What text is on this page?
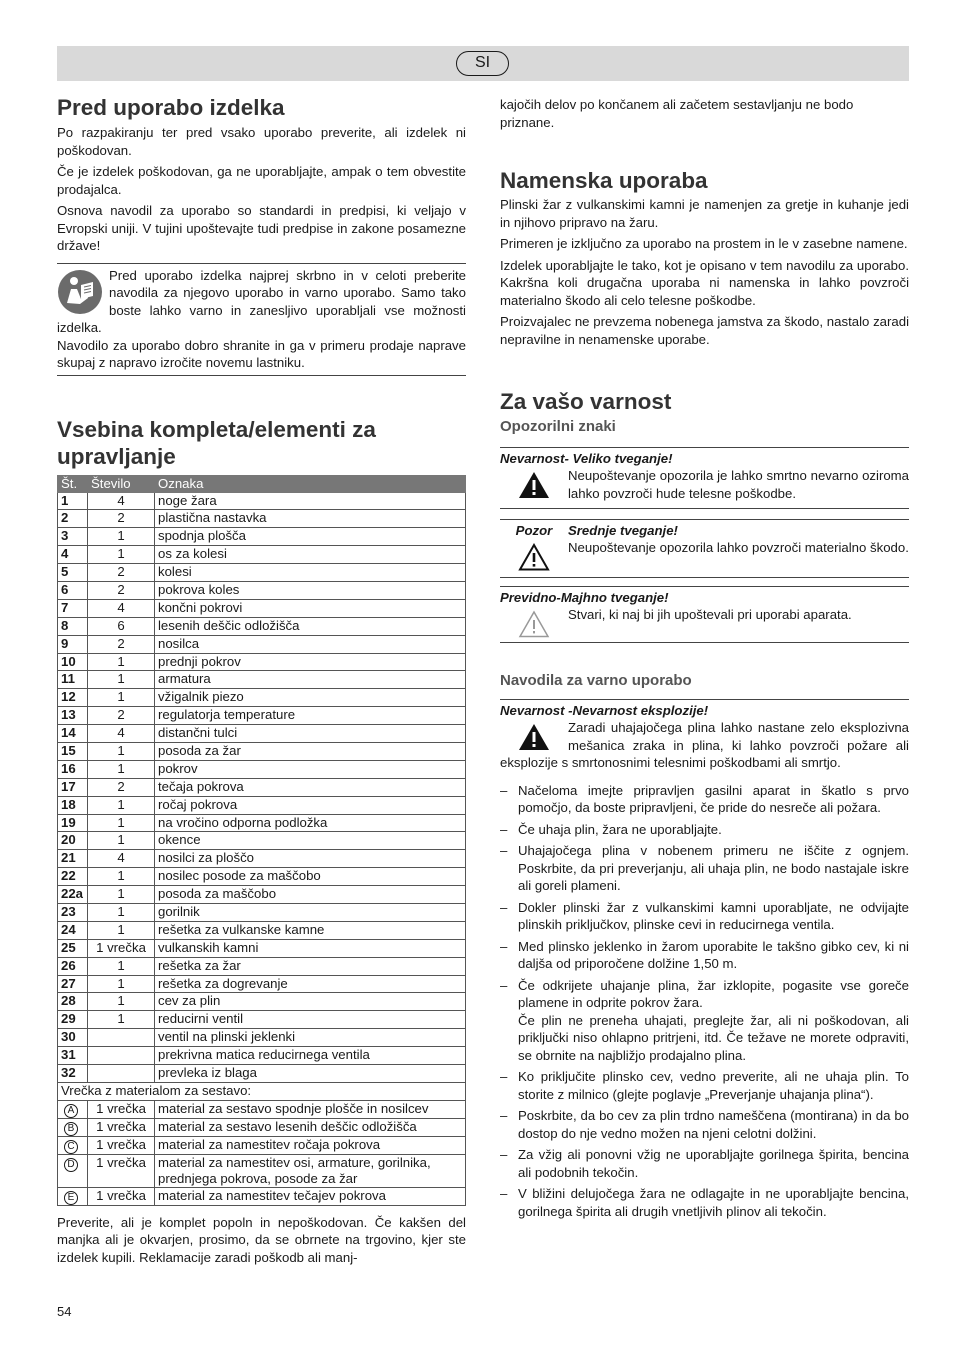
SI
Pred uporabo izdelka

Po razpakiranju ter pred vsako uporabo preverite, ali izdelek ni poškodovan.

Če je izdelek poškodovan, ga ne uporabljajte, ampak o tem obvestite prodajalca.

Osnova navodil za uporabo so standardi in predpisi, ki veljajo v Evropski uniji. V tujini upoštevajte tudi predpise in zakone posamezne države!

Pred uporabo izdelka najprej skrbno in v celoti preberite navodila za njegovo uporabo in varno uporabo. Samo tako boste lahko varno in zanesljivo uporabljali vse možnosti izdelka.

Navodilo za uporabo dobro shranite in ga v primeru prodaje naprave skupaj z napravo izročite novemu lastniku.

Vsebina kompleta/elementi za upravljanje
Št.	Število	Oznaka
1	4	noge žara
2	2	plastična nastavka
3	1	spodnja plošča
4	1	os za kolesi
5	2	kolesi
6	2	pokrova koles
7	4	končni pokrovi
8	6	lesenih deščic odložišča
9	2	nosilca
10	1	prednji pokrov
11	1	armatura
12	1	vžigalnik piezo
13	2	regulatorja temperature
14	4	distančni tulci
15	1	posoda za žar
16	1	pokrov
17	2	tečaja pokrova
18	1	ročaj pokrova
19	1	na vročino odporna podložka
20	1	okence
21	4	nosilci za ploščo
22	1	nosilec posode za maščobo
22a	1	posoda za maščobo
23	1	gorilnik
24	1	rešetka za vulkanske kamne
25	1 vrečka	vulkanskih kamni
26	1	rešetka za žar
27	1	rešetka za dogrevanje
28	1	cev za plin
29	1	reducirni ventil
30		ventil na plinski jeklenki
31		prekrivna matica reducirnega ventila
32		prevleka iz blaga
Vrečka z materialom za sestavo:		
A	1 vrečka	material za sestavo spodnje plošče in nosilcev
B	1 vrečka	material za sestavo lesenih deščic odložišča
C	1 vrečka	material za namestitev ročaja pokrova
D	1 vrečka	material za namestitev osi, armature, gorilnika, prednjega pokrova, posode za žar
E	1 vrečka	material za namestitev tečajev pokrova

Preverite, ali je komplet popoln in nepoškodovan. Če kakšen del manjka ali je okvarjen, prosimo, da se obrnete na trgovino, kjer ste izdelek kupili. Reklamacije zaradi poškodb ali manj-

kajočih delov po končanem ali začetem sestavljanju ne bodo priznane.

Namenska uporaba

Plinski žar z vulkanskimi kamni je namenjen za gretje in kuhanje jedi in njihovo pripravo na žaru.

Primeren je izključno za uporabo na prostem in le v zasebne namene.

Izdelek uporabljajte le tako, kot je opisano v tem navodilu za uporabo. Kakršna koli drugačna uporaba ni namenska in lahko povzroči materialno škodo ali celo telesne poškodbe.

Proizvajalec ne prevzema nobenega jamstva za škodo, nastalo zaradi nepravilne in nenamenske uporabe.

Za vašo varnost
Opozorilni znaki
Nevarnost- Veliko tveganje!
Neupoštevanje opozorila je lahko smrtno nevarno oziroma lahko povzroči hude telesne poškodbe.
Pozor	Srednje tveganje!
Neupoštevanje opozorila lahko povzroči materialno škodo.
Previdno-Majhno tveganje!
Stvari, ki naj bi jih upoštevali pri uporabi aparata.
Navodila za varno uporabo
Nevarnost -Nevarnost eksplozije!

Zaradi uhajajočega plina lahko nastane zelo eksplozivna mešanica zraka in plina, ki lahko povzroči požare ali eksplozije s smrtonosnimi telesnimi poškodbami ali smrtjo.

– Načeloma imejte pripravljen gasilni aparat in škatlo s prvo pomočjo, da boste pripravljeni, če pride do nesreče ali požara.
– Če uhaja plin, žara ne uporabljajte.
– Uhajajočega plina v nobenem primeru ne iščite z ognjem. Poskrbite, da pri preverjanju, ali uhaja plin, ne bodo nastajale iskre ali goreli plameni.
– Dokler plinski žar z vulkanskimi kamni uporabljate, ne odvijajte plinskih priključkov, plinske cevi in reducirnega ventila.
– Med plinsko jeklenko in žarom uporabite le takšno gibko cev, ki ni daljša od priporočene dolžine 1,50 m.
– Če odkrijete uhajanje plina, žar izklopite, pogasite vse goreče plamene in odprite pokrov žara.
Če plin ne preneha uhajati, preglejte žar, ali ni poškodovan, ali priključki niso ohlapno pritrjeni, itd. Če težave ne morete odpraviti, se obrnite na najbližjo prodajalno plina.
– Ko priključite plinsko cev, vedno preverite, ali ne uhaja plin. To storite z milnico (glejte poglavje „Preverjanje uhajanja plina“).
– Poskrbite, da bo cev za plin trdno nameščena (montirana) in da bo dostop do nje vedno možen na njeni celotni dolžini.
– Za vžig ali ponovni vžig ne uporabljajte gorilnega špirita, bencina ali podobnih tekočin.
– V bližini delujočega žara ne odlagajte in ne uporabljajte bencina, gorilnega špirita ali drugih vnetljivih plinov ali tekočin.
54
